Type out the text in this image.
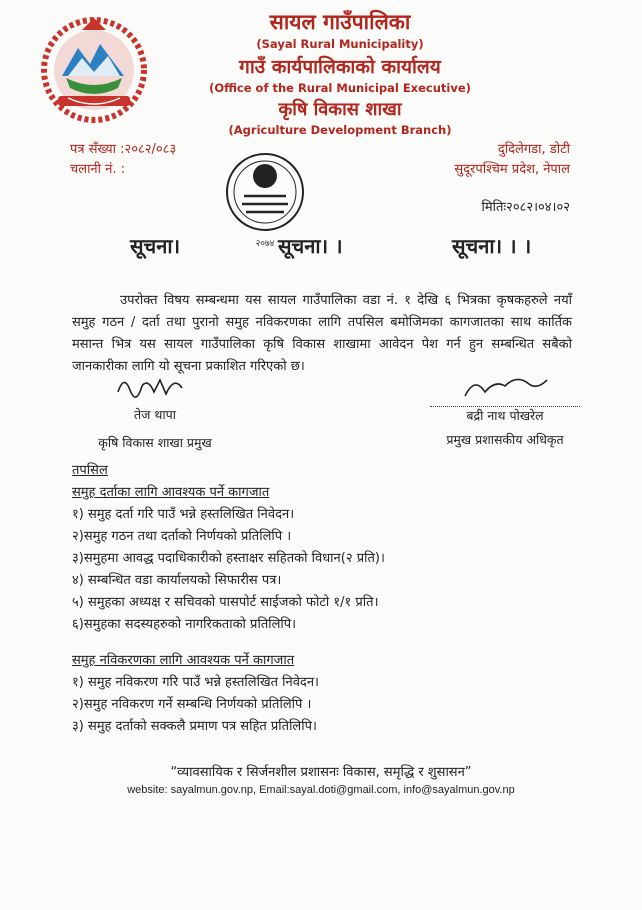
सायल गाउँपालिका
(Sayal Rural Municipality)
गाउँ कार्यपालिकाको कार्यालय
(Office of the Rural Municipal Executive)
कृषि विकास शाखा
(Agriculture Development Branch)
पत्र सँख्या :२०८२/०८३
चलानी नं. :
दुदिलेगडा, डोटी
सुदूरपश्चिम प्रदेश, नेपाल
मितिः२०८२।०४।०२
२०७४
सूचना।	सूचना। ।	सूचना। । ।
उपरोक्त विषय सम्बन्धमा यस सायल गाउँपालिका वडा नं. १ देखि ६ भित्रका कृषकहरुले नयाँ समुह गठन / दर्ता तथा पुरानो समुह नविकरणका लागि तपसिल बमोजिमका कागजातका साथ कार्तिक मसान्त भित्र यस सायल गाउँपालिका कृषि विकास शाखामा आवेदन पेश गर्न हुन सम्बन्धित सबैको जानकारीका लागि यो सूचना प्रकाशित गरिएको छ।
तेज थापा
कृषि विकास शाखा प्रमुख
बद्री नाथ पोखरेल
प्रमुख प्रशासकीय अधिकृत
तपसिल
समुह दर्ताका लागि आवश्यक पर्ने कागजात
१) समुह दर्ता गरि पाउँ भन्ने हस्तलिखित निवेदन।
२)समुह गठन तथा दर्ताको निर्णयको प्रतिलिपि ।
३)समुहमा आवद्ध पदाधिकारीको हस्ताक्षर सहितको विधान(२ प्रति)।
४) सम्बन्धित वडा कार्यालयको सिफारीस पत्र।
५) समुहका अध्यक्ष र सचिवको पासपोर्ट साईजको फोटो १/१ प्रति।
६)समुहका सदस्यहरुको नागरिकताको प्रतिलिपि।
समुह नविकरणका लागि आवश्यक पर्ने कागजात
१) समुह नविकरण गरि पाउँ भन्ने हस्तलिखित निवेदन।
२)समुह नविकरण गर्ने सम्बन्धि निर्णयको प्रतिलिपि ।
३) समुह दर्ताको सक्कलै प्रमाण पत्र सहित प्रतिलिपि।
“व्यावसायिक र सिर्जनशील प्रशासनः विकास, समृद्धि र शुसासन”
website: sayalmun.gov.np, Email:sayal.doti@gmail.com, info@sayalmun.gov.np
